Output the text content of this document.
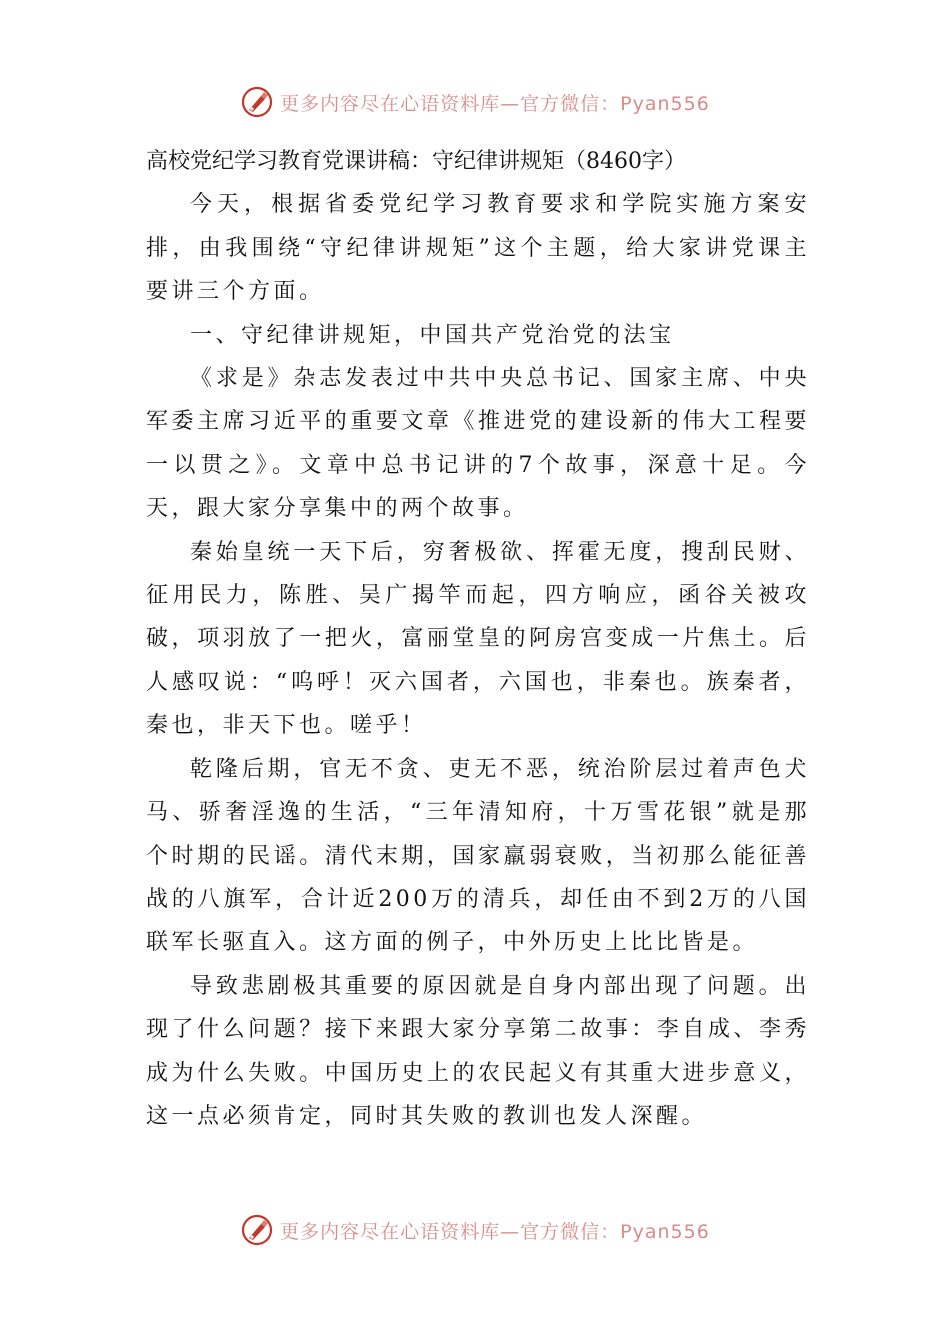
更多内容尽在心语资料库—官方微信：Pyan556

高校党纪学习教育党课讲稿：守纪律讲规矩（8460字）

今天，根据省委党纪学习教育要求和学院实施方案安排，由我围绕“守纪律讲规矩”这个主题，给大家讲党课主要讲三个方面。

一、守纪律讲规矩，中国共产党治党的法宝

《求是》杂志发表过中共中央总书记、国家主席、中央军委主席习近平的重要文章《推进党的建设新的伟大工程要一以贯之》。文章中总书记讲的7个故事，深意十足。今天，跟大家分享集中的两个故事。

秦始皇统一天下后，穷奢极欲、挥霍无度，搜刮民财、征用民力，陈胜、吴广揭竿而起，四方响应，函谷关被攻破，项羽放了一把火，富丽堂皇的阿房宫变成一片焦土。后人感叹说：“呜呼！灭六国者，六国也，非秦也。族秦者，秦也，非天下也。嗟乎！

乾隆后期，官无不贪、吏无不恶，统治阶层过着声色犬马、骄奢淫逸的生活，“三年清知府，十万雪花银”就是那个时期的民谣。清代末期，国家羸弱衰败，当初那么能征善战的八旗军，合计近200万的清兵，却任由不到2万的八国联军长驱直入。这方面的例子，中外历史上比比皆是。

导致悲剧极其重要的原因就是自身内部出现了问题。出现了什么问题？接下来跟大家分享第二故事：李自成、李秀成为什么失败。中国历史上的农民起义有其重大进步意义，这一点必须肯定，同时其失败的教训也发人深醒。

更多内容尽在心语资料库—官方微信：Pyan556
